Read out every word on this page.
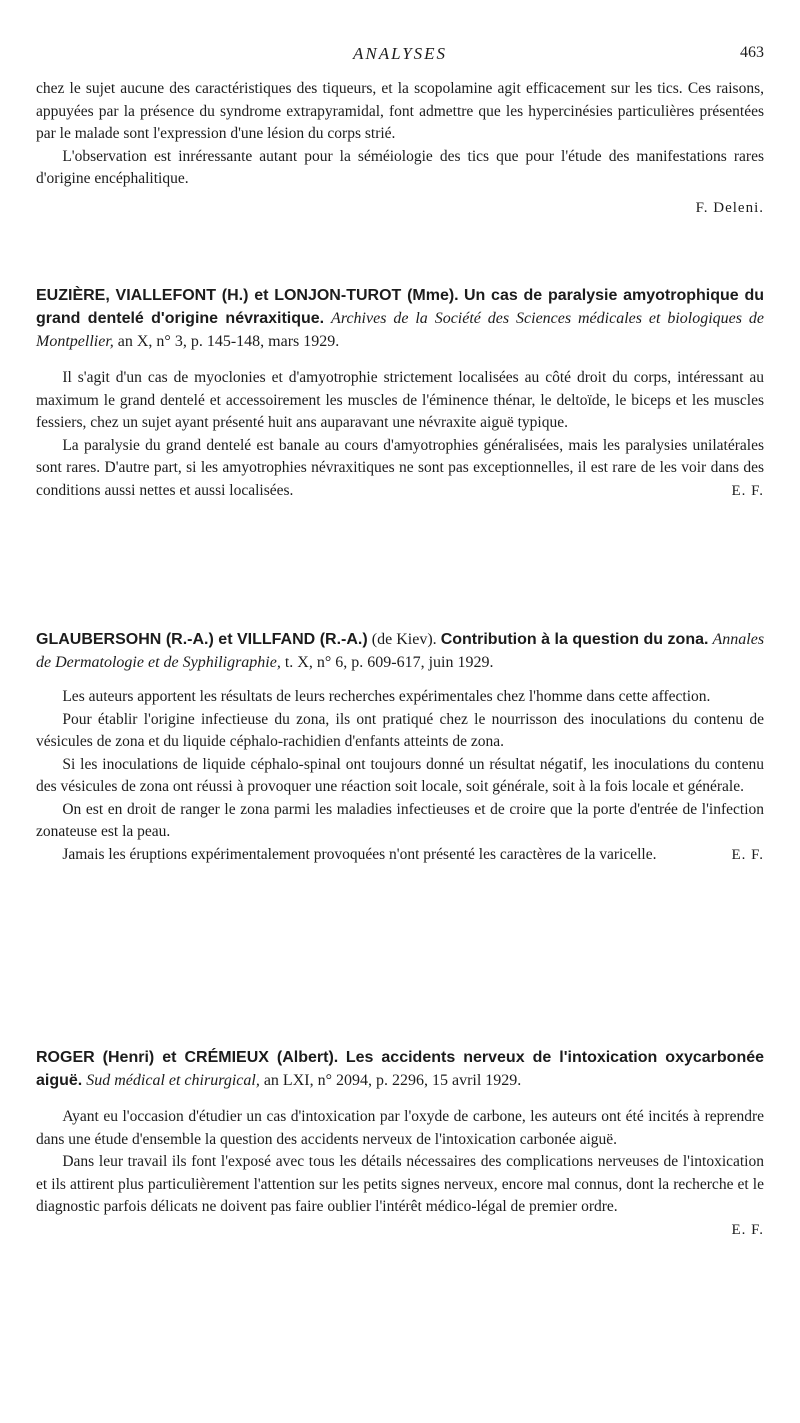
ANALYSES	463

chez le sujet aucune des caractéristiques des tiqueurs, et la scopolamine agit efficacement sur les tics. Ces raisons, appuyées par la présence du syndrome extrapyramidal, font admettre que les hypercinésies particulières présentées par le malade sont l'expression d'une lésion du corps strié.

L'observation est inréressante autant pour la séméiologie des tics que pour l'étude des manifestations rares d'origine encéphalitique.

F. Deleni.
EUZIÈRE, VIALLEFONT (H.) et LONJON-TUROT (Mme). Un cas de paralysie amyotrophique du grand dentelé d'origine névraxitique. Archives de la Société des Sciences médicales et biologiques de Montpellier, an X, n° 3, p. 145-148, mars 1929.

Il s'agit d'un cas de myoclonies et d'amyotrophie strictement localisées au côté droit du corps, intéressant au maximum le grand dentelé et accessoirement les muscles de l'éminence thénar, le deltoïde, le biceps et les muscles fessiers, chez un sujet ayant présenté huit ans auparavant une névraxite aiguë typique.

La paralysie du grand dentelé est banale au cours d'amyotrophies généralisées, mais les paralysies unilatérales sont rares. D'autre part, si les amyotrophies névraxitiques ne sont pas exceptionnelles, il est rare de les voir dans des conditions aussi nettes et aussi localisées.	E. F.

GLAUBERSOHN (R.-A.) et VILLFAND (R.-A.) (de Kiev). Contribution à la question du zona. Annales de Dermatologie et de Syphiligraphie, t. X, n° 6, p. 609-617, juin 1929.

Les auteurs apportent les résultats de leurs recherches expérimentales chez l'homme dans cette affection.

Pour établir l'origine infectieuse du zona, ils ont pratiqué chez le nourrisson des inoculations du contenu de vésicules de zona et du liquide céphalo-rachidien d'enfants atteints de zona.

Si les inoculations de liquide céphalo-spinal ont toujours donné un résultat négatif, les inoculations du contenu des vésicules de zona ont réussi à provoquer une réaction soit locale, soit générale, soit à la fois locale et générale.

On est en droit de ranger le zona parmi les maladies infectieuses et de croire que la porte d'entrée de l'infection zonateuse est la peau.

Jamais les éruptions expérimentalement provoquées n'ont présenté les caractères de la varicelle.	E. F.

ROGER (Henri) et CRÉMIEUX (Albert). Les accidents nerveux de l'intoxication oxycarbonée aiguë. Sud médical et chirurgical, an LXI, n° 2094, p. 2296, 15 avril 1929.

Ayant eu l'occasion d'étudier un cas d'intoxication par l'oxyde de carbone, les auteurs ont été incités à reprendre dans une étude d'ensemble la question des accidents nerveux de l'intoxication carbonée aiguë.

Dans leur travail ils font l'exposé avec tous les détails nécessaires des complications nerveuses de l'intoxication et ils attirent plus particulièrement l'attention sur les petits signes nerveux, encore mal connus, dont la recherche et le diagnostic parfois délicats ne doivent pas faire oublier l'intérêt médico-légal de premier ordre.

E. F.
